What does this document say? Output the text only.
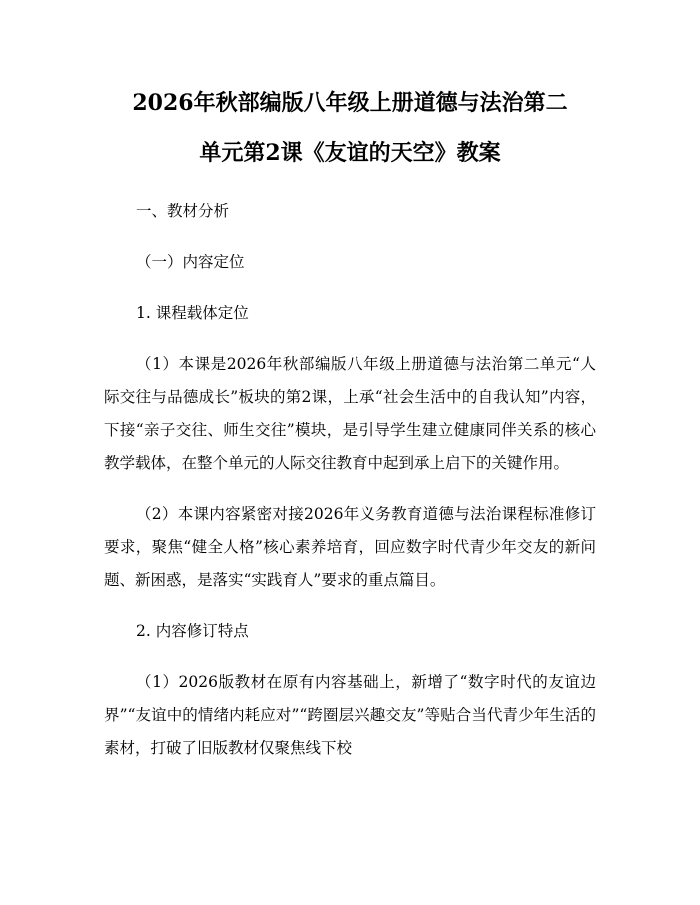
2026年秋部编版八年级上册道德与法治第二
单元第2课《友谊的天空》教案

一、教材分析

（一）内容定位

1. 课程载体定位

（1）本课是2026年秋部编版八年级上册道德与法治第二单元“人际交往与品德成长”板块的第2课，上承“社会生活中的自我认知”内容，下接“亲子交往、师生交往”模块，是引导学生建立健康同伴关系的核心教学载体，在整个单元的人际交往教育中起到承上启下的关键作用。

（2）本课内容紧密对接2026年义务教育道德与法治课程标准修订要求，聚焦“健全人格”核心素养培育，回应数字时代青少年交友的新问题、新困惑，是落实“实践育人”要求的重点篇目。

2. 内容修订特点

（1）2026版教材在原有内容基础上，新增了“数字时代的友谊边界”“友谊中的情绪内耗应对”“跨圈层兴趣交友”等贴合当代青少年生活的素材，打破了旧版教材仅聚焦线下校
